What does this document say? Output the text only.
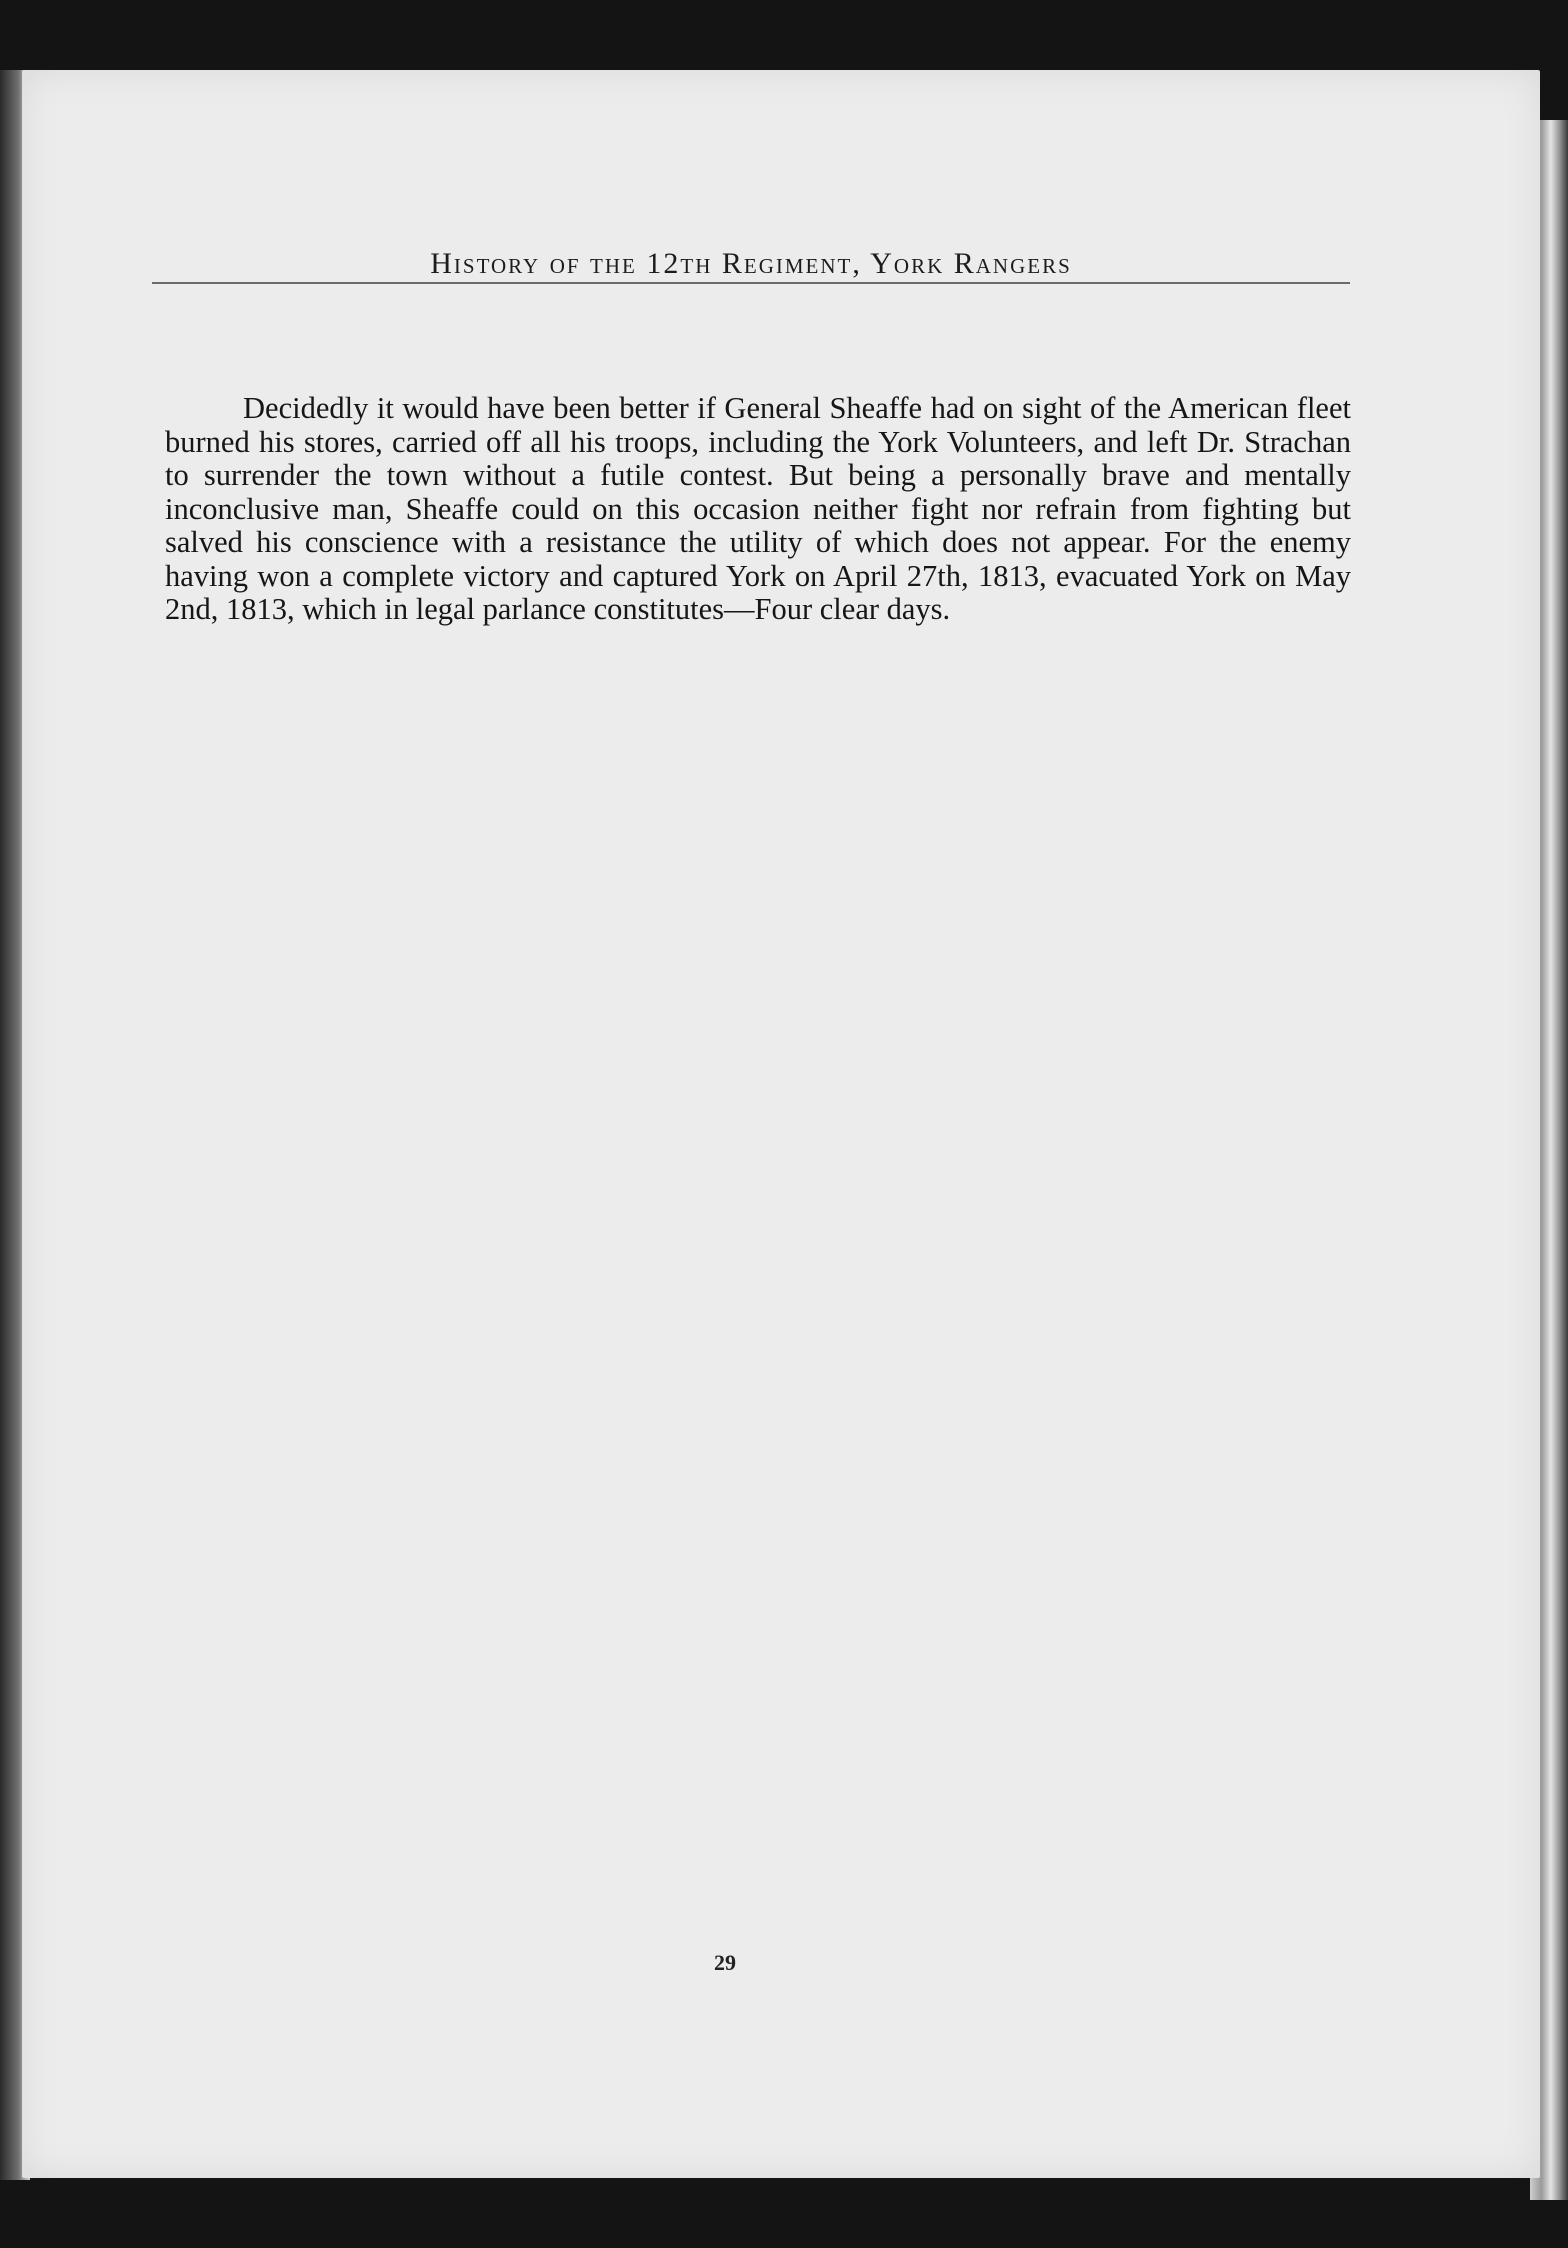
History of the 12th Regiment, York Rangers

Decidedly it would have been better if General Sheaffe had on sight of the American fleet burned his stores, carried off all his troops, including the York Volunteers, and left Dr. Strachan to surrender the town without a futile contest. But being a personally brave and mentally inconclusive man, Sheaffe could on this occasion neither fight nor refrain from fighting but salved his conscience with a resistance the utility of which does not appear. For the enemy having won a complete victory and captured York on April 27th, 1813, evacuated York on May 2nd, 1813, which in legal parlance constitutes—Four clear days.

29
